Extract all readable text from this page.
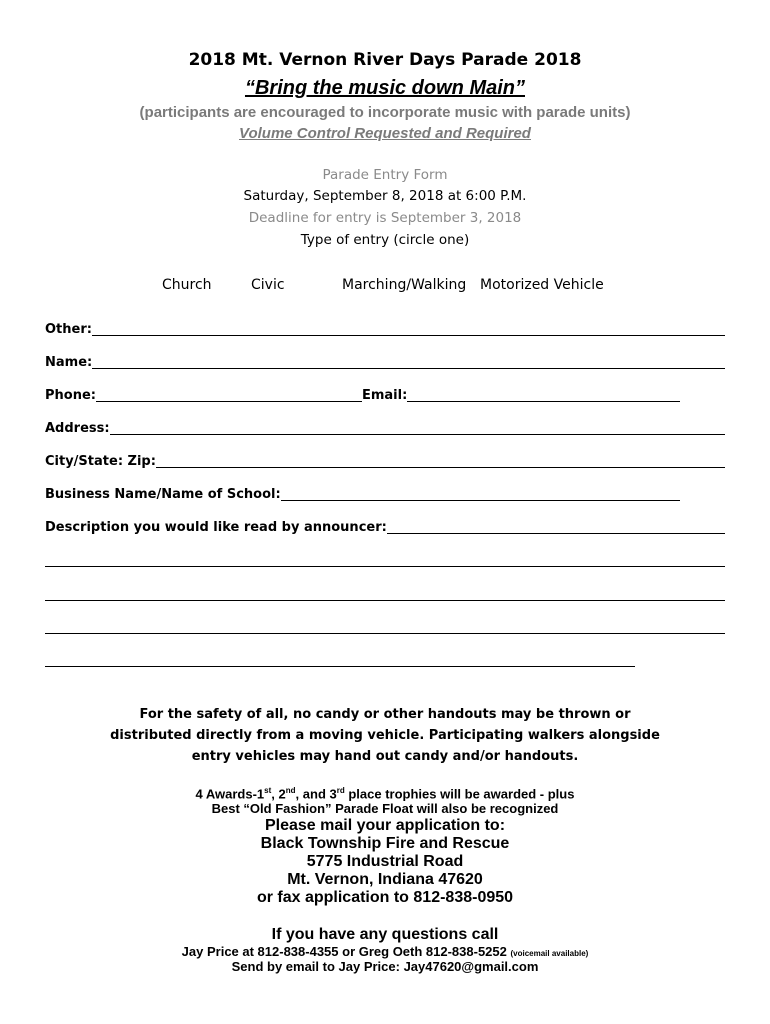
2018 Mt. Vernon River Days Parade 2018
“Bring the music down Main”
(participants are encouraged to incorporate music with parade units)
Volume Control Requested and Required
Parade Entry Form
Saturday, September 8, 2018 at 6:00 P.M.
Deadline for entry is September 3, 2018
Type of entry (circle one)
Church	Civic	Marching/Walking Motorized Vehicle
Other:
Name:
Phone:	Email:
Address:
City/State: Zip:
Business Name/Name of School:
Description you would like read by announcer:
For the safety of all, no candy or other handouts may be thrown or
distributed directly from a moving vehicle. Participating walkers alongside
entry vehicles may hand out candy and/or handouts.
4 Awards-1st, 2nd, and 3rd place trophies will be awarded - plus
Best “Old Fashion” Parade Float will also be recognized
Please mail your application to:
Black Township Fire and Rescue
5775 Industrial Road
Mt. Vernon, Indiana 47620
or fax application to 812-838-0950
If you have any questions call
Jay Price at 812-838-4355 or Greg Oeth 812-838-5252 (voicemail available)
Send by email to Jay Price: Jay47620@gmail.com
